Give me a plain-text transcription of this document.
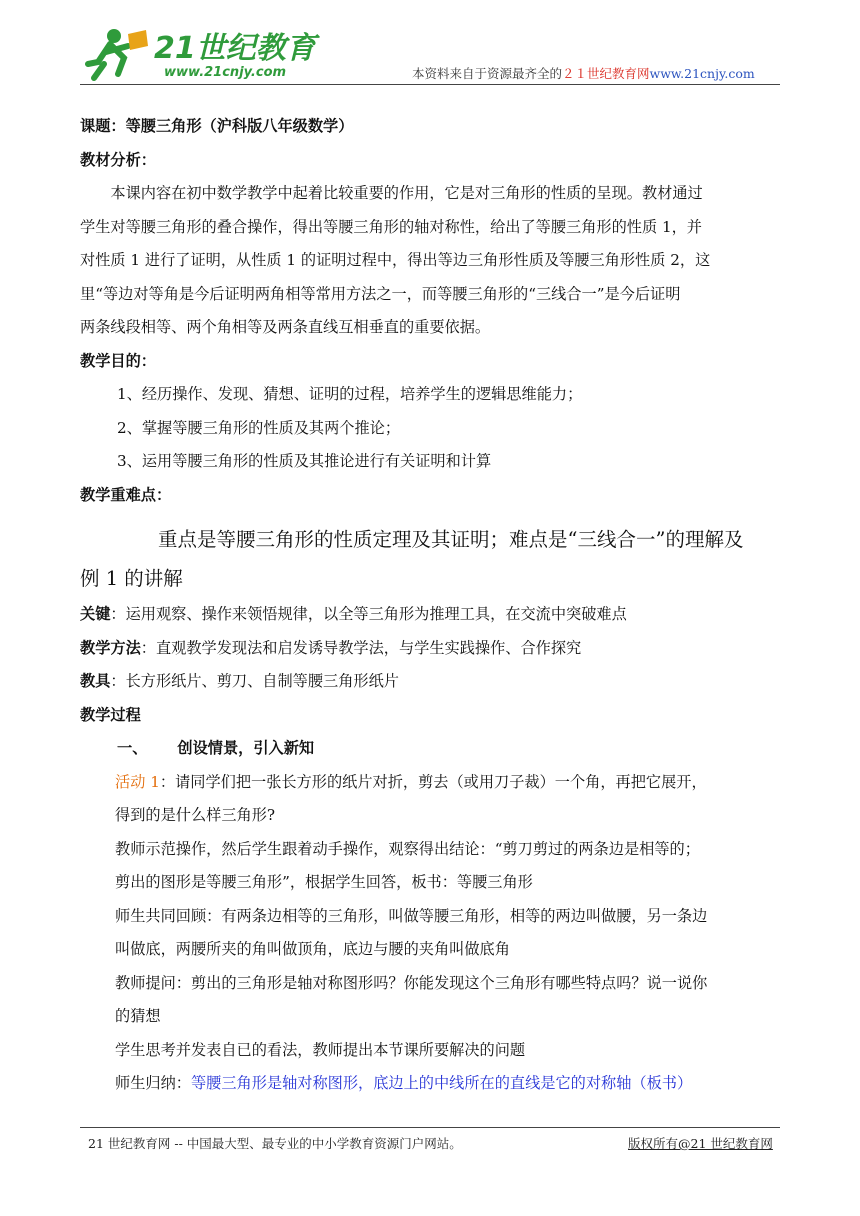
21世纪教育
www.21cnjy.com	本资料来自于资源最齐全的２１世纪教育网www.21cnjy.com

课题：等腰三角形（沪科版八年级数学）

教材分析：

本课内容在初中数学教学中起着比较重要的作用，它是对三角形的性质的呈现。教材通过

学生对等腰三角形的叠合操作，得出等腰三角形的轴对称性，给出了等腰三角形的性质 1，并

对性质 1 进行了证明，从性质 1 的证明过程中，得出等边三角形性质及等腰三角形性质 2，这

里“等边对等角是今后证明两角相等常用方法之一，而等腰三角形的“三线合一”是今后证明

两条线段相等、两个角相等及两条直线互相垂直的重要依据。

教学目的：

1、经历操作、发现、猜想、证明的过程，培养学生的逻辑思维能力；

2、掌握等腰三角形的性质及其两个推论；

3、运用等腰三角形的性质及其推论进行有关证明和计算

教学重难点：

重点是等腰三角形的性质定理及其证明；难点是“三线合一”的理解及

例 1 的讲解

关键：运用观察、操作来领悟规律，以全等三角形为推理工具，在交流中突破难点

教学方法：直观教学发现法和启发诱导教学法，与学生实践操作、合作探究

教具：长方形纸片、剪刀、自制等腰三角形纸片

教学过程

一、 创设情景，引入新知

活动 1：请同学们把一张长方形的纸片对折，剪去（或用刀子裁）一个角，再把它展开，

得到的是什么样三角形?

教师示范操作，然后学生跟着动手操作，观察得出结论：“剪刀剪过的两条边是相等的；

剪出的图形是等腰三角形”，根据学生回答，板书：等腰三角形

师生共同回顾：有两条边相等的三角形，叫做等腰三角形，相等的两边叫做腰，另一条边

叫做底，两腰所夹的角叫做顶角，底边与腰的夹角叫做底角

教师提问：剪出的三角形是轴对称图形吗？你能发现这个三角形有哪些特点吗？说一说你

的猜想

学生思考并发表自已的看法，教师提出本节课所要解决的问题

师生归纳：等腰三角形是轴对称图形，底边上的中线所在的直线是它的对称轴（板书）

21 世纪教育网 -- 中国最大型、最专业的中小学教育资源门户网站。	版权所有@21 世纪教育网
